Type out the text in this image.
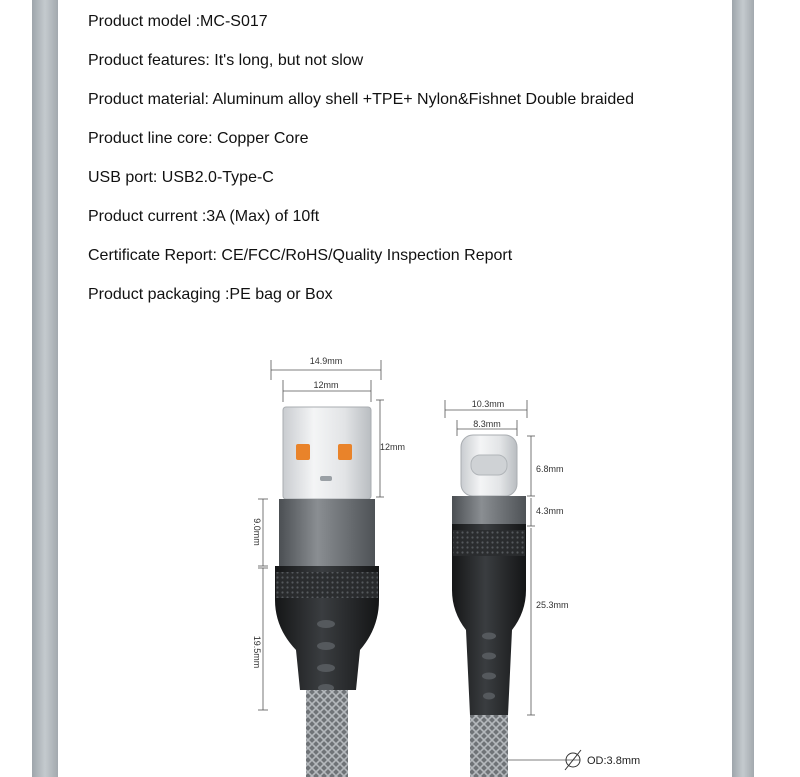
Product model :MC-S017
Product features: It's long, but not slow
Product material: Aluminum alloy shell +TPE+ Nylon&Fishnet Double braided
Product line core: Copper Core
USB port: USB2.0-Type-C
Product current :3A (Max) of 10ft
Certificate Report: CE/FCC/RoHS/Quality Inspection Report
Product packaging :PE bag or Box
14.9mm
12mm
12mm
9.0mm
19.5mm
10.3mm
8.3mm
6.8mm
4.3mm
25.3mm
OD:3.8mm
